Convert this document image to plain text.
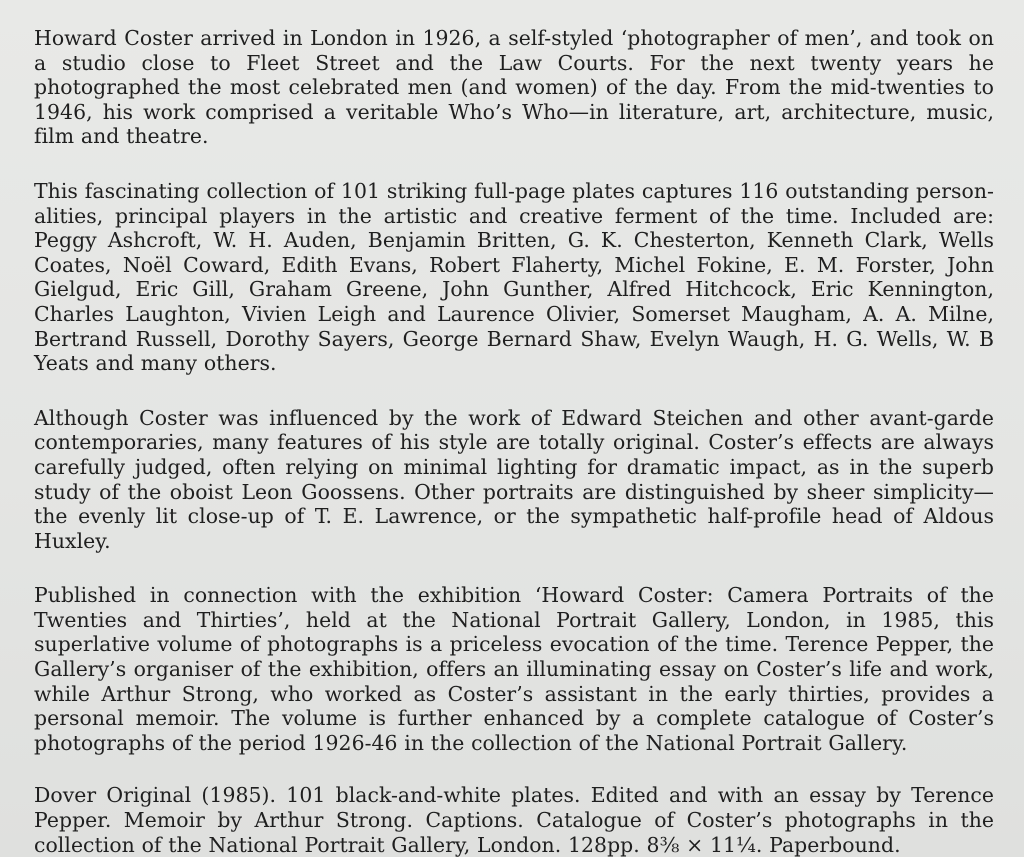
Howard Coster arrived in London in 1926, a self-styled ‘photographer of men’, and took on a studio close to Fleet Street and the Law Courts. For the next twenty years he photographed the most celebrated men (and women) of the day. From the mid-twenties to 1946, his work comprised a veritable Who’s Who—in literature, art, architecture, music, film and theatre.

This fascinating collection of 101 striking full-page plates captures 116 outstanding person-alities, principal players in the artistic and creative ferment of the time. Included are: Peggy Ashcroft, W. H. Auden, Benjamin Britten, G. K. Chesterton, Kenneth Clark, Wells Coates, Noël Coward, Edith Evans, Robert Flaherty, Michel Fokine, E. M. Forster, John Gielgud, Eric Gill, Graham Greene, John Gunther, Alfred Hitchcock, Eric Kennington, Charles Laughton, Vivien Leigh and Laurence Olivier, Somerset Maugham, A. A. Milne, Bertrand Russell, Dorothy Sayers, George Bernard Shaw, Evelyn Waugh, H. G. Wells, W. B Yeats and many others.

Although Coster was influenced by the work of Edward Steichen and other avant-garde contemporaries, many features of his style are totally original. Coster’s effects are always carefully judged, often relying on minimal lighting for dramatic impact, as in the superb study of the oboist Leon Goossens. Other portraits are distinguished by sheer simplicity—the evenly lit close-up of T. E. Lawrence, or the sympathetic half-profile head of Aldous Huxley.

Published in connection with the exhibition ‘Howard Coster: Camera Portraits of the Twenties and Thirties’, held at the National Portrait Gallery, London, in 1985, this superlative volume of photographs is a priceless evocation of the time. Terence Pepper, the Gallery’s organiser of the exhibition, offers an illuminating essay on Coster’s life and work, while Arthur Strong, who worked as Coster’s assistant in the early thirties, provides a personal memoir. The volume is further enhanced by a complete catalogue of Coster’s photographs of the period 1926-46 in the collection of the National Portrait Gallery.

Dover Original (1985). 101 black-and-white plates. Edited and with an essay by Terence Pepper. Memoir by Arthur Strong. Captions. Catalogue of Coster’s photographs in the collection of the National Portrait Gallery, London. 128pp. 8⅜ × 11¼. Paperbound.
